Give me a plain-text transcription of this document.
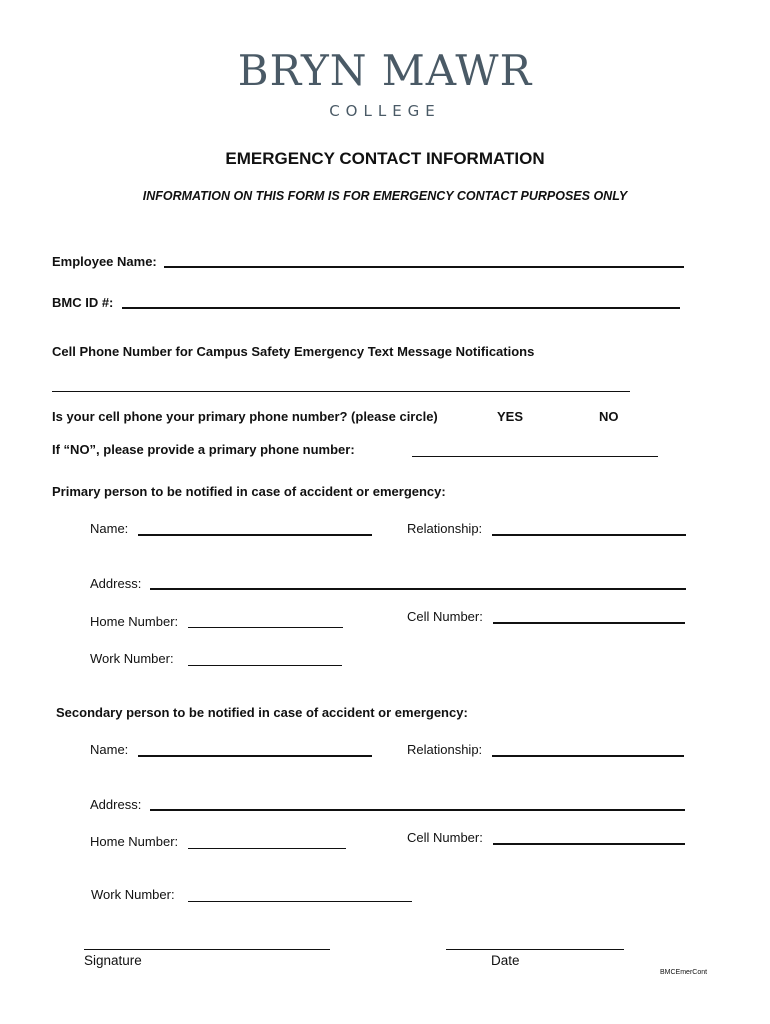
BRYN MAWR
COLLEGE
EMERGENCY CONTACT INFORMATION
INFORMATION ON THIS FORM IS FOR EMERGENCY CONTACT PURPOSES ONLY
Employee Name:
BMC ID #:
Cell Phone Number for Campus Safety Emergency Text Message Notifications
Is your cell phone your primary phone number? (please circle)	YES	NO
If “NO”, please provide a primary phone number:
Primary person to be notified in case of accident or emergency:
Name:	Relationship:
Address:
Home Number:	Cell Number:
Work Number:
Secondary person to be notified in case of accident or emergency:
Name:	Relationship:
Address:
Home Number:	Cell Number:
Work Number:
Signature	Date
BMCEmerCont
